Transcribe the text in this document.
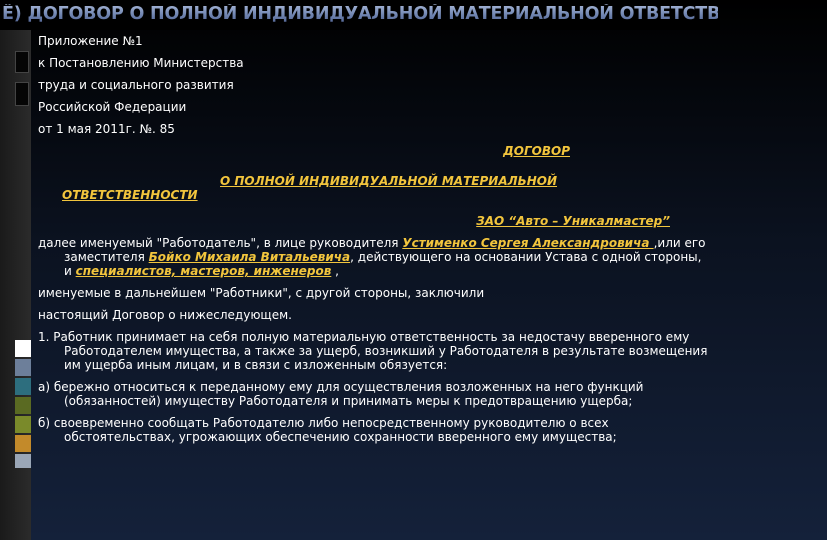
Ё) ДОГОВОР О ПОЛНОЙ ИНДИВИДУАЛЬНОЙ МАТЕРИАЛЬНОЙ ОТВЕТСТВЕННОСТИ :

Приложение №1

к Постановлению Министерства

труда и социального развития

Российской Федерации

от 1 мая 2011г. №. 85

ДОГОВОР

О ПОЛНОЙ ИНДИВИДУАЛЬНОЙ МАТЕРИАЛЬНОЙ
ОТВЕТСТВЕННОСТИ

ЗАО “Авто – Уникалмастер”

далее именуемый "Работодатель", в лице руководителя Устименко Сергея Александровича ,или его заместителя Бойко Михаила Витальевича, действующего на основании Устава с одной стороны, и специалистов, мастеров, инженеров ,

именуемые в дальнейшем "Работники", с другой стороны, заключили

настоящий Договор о нижеследующем.

1. Работник принимает на себя полную материальную ответственность за недостачу вверенного ему Работодателем имущества, а также за ущерб, возникший у Работодателя в результате возмещения им ущерба иным лицам, и в связи с изложенным обязуется:

а) бережно относиться к переданному ему для осуществления возложенных на него функций (обязанностей) имуществу Работодателя и принимать меры к предотвращению ущерба;

б) своевременно сообщать Работодателю либо непосредственному руководителю о всех обстоятельствах, угрожающих обеспечению сохранности вверенного ему имущества;
